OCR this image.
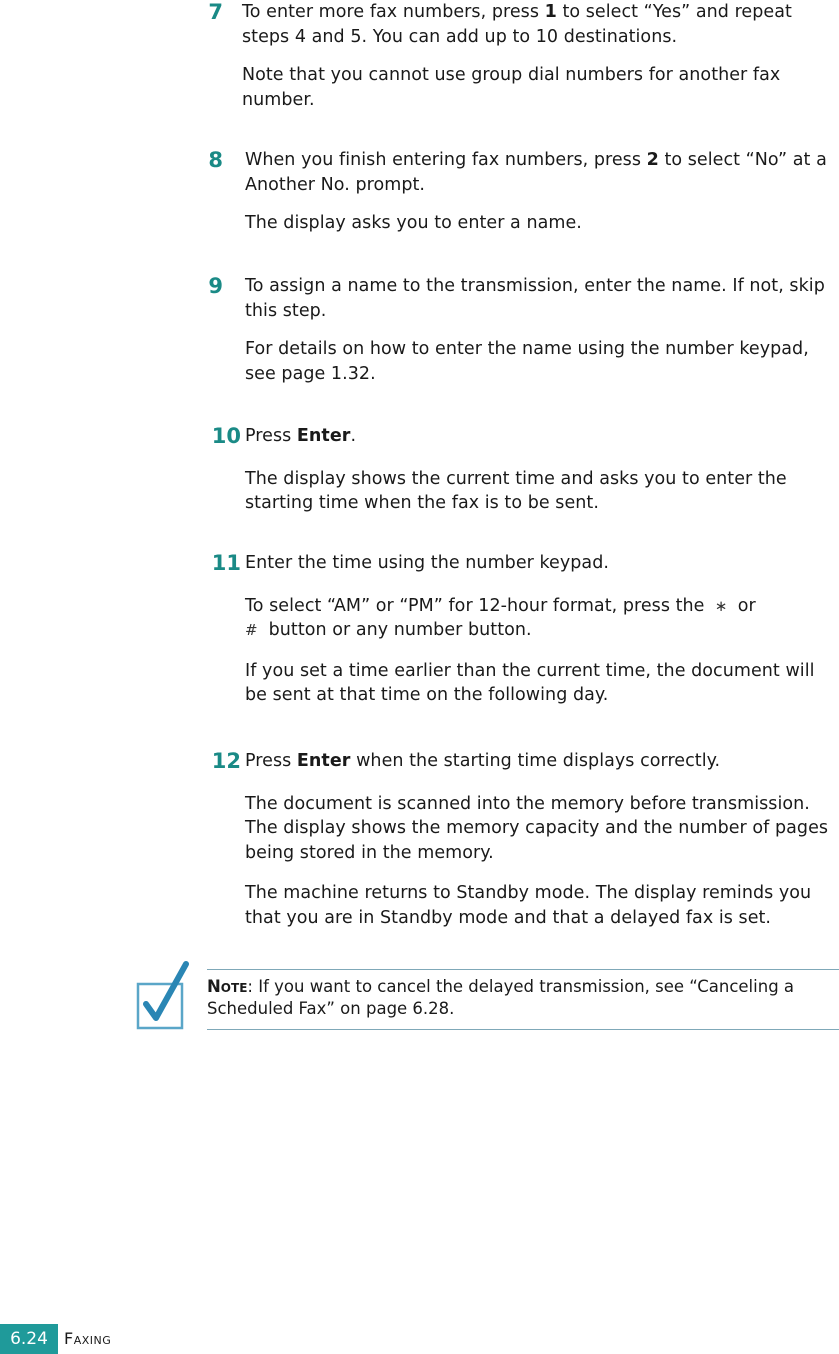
7 To enter more fax numbers, press 1 to select “Yes” and repeat steps 4 and 5. You can add up to 10 destinations.

Note that you cannot use group dial numbers for another fax number.

8 When you finish entering fax numbers, press 2 to select “No” at a Another No. prompt.

The display asks you to enter a name.

9 To assign a name to the transmission, enter the name. If not, skip this step.

For details on how to enter the name using the number keypad, see page 1.32.

10 Press Enter.

The display shows the current time and asks you to enter the starting time when the fax is to be sent.

11 Enter the time using the number keypad.

To select “AM” or “PM” for 12-hour format, press the ∗ or
# button or any number button.

If you set a time earlier than the current time, the document will be sent at that time on the following day.

12 Press Enter when the starting time displays correctly.

The document is scanned into the memory before transmission. The display shows the memory capacity and the number of pages being stored in the memory.

The machine returns to Standby mode. The display reminds you that you are in Standby mode and that a delayed fax is set.

Note: If you want to cancel the delayed transmission, see “Canceling a Scheduled Fax” on page 6.28.
6.24	Faxing
